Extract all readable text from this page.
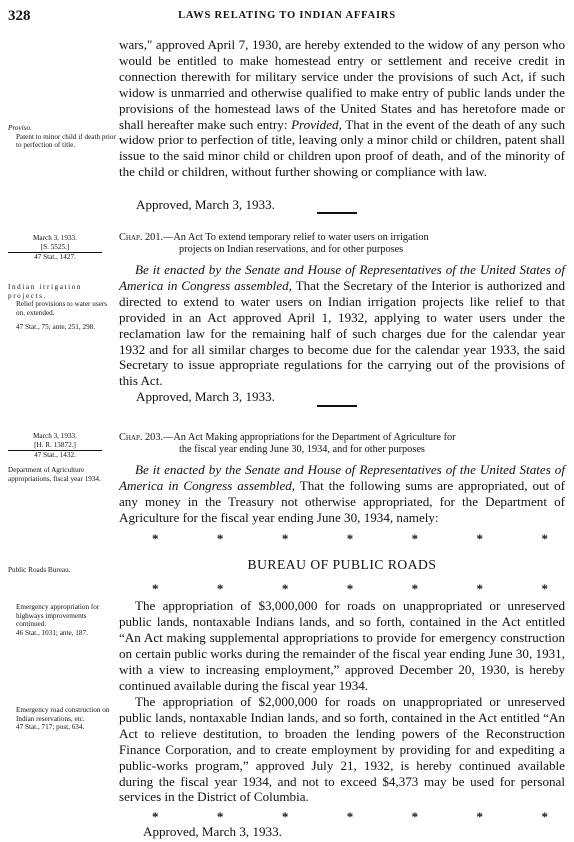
328	LAWS RELATING TO INDIAN AFFAIRS

wars," approved April 7, 1930, are hereby extended to the widow of any person who would be entitled to make homestead entry or settlement and receive credit in connection therewith for military service under the provisions of such Act, if such widow is unmarried and otherwise qualified to make entry of public lands under the provisions of the homestead laws of the United States and has heretofore made or shall hereafter make such entry: Provided, That in the event of the death of any such widow prior to perfection of title, leaving only a minor child or children, patent shall issue to the said minor child or children upon proof of death, and of the minority of the child or children, without further showing or compliance with law.

Proviso.
Patent to minor child if death prior to perfection of title.
Approved, March 3, 1933.
March 3, 1933.
[S. 5525.]
47 Stat., 1427.
Chap. 201.—An Act To extend temporary relief to water users on irrigation
projects on Indian reservations, and for other purposes

Be it enacted by the Senate and House of Representatives of the United States of America in Congress assembled, That the Secretary of the Interior is authorized and directed to extend to water users on Indian irrigation projects like relief to that provided in an Act approved April 1, 1932, applying to water users under the reclamation law for the remaining half of such charges due for the calendar year 1932 and for all similar charges to become due for the calendar year 1933, the said Secretary to issue appropriate regulations for the carrying out of the provisions of this Act.

Indian irrigation projects.
Relief provisions to water users on, extended.
47 Stat., 75; ante, 251, 298.
Approved, March 3, 1933.
March 3, 1933.
[H. R. 13872.]
47 Stat., 1432.
Chap. 203.—An Act Making appropriations for the Department of Agriculture for
the fiscal year ending June 30, 1934, and for other purposes
Department of Agriculture appropriations, fiscal year 1934.

Be it enacted by the Senate and House of Representatives of the United States of America in Congress assembled, That the following sums are appropriated, out of any money in the Treasury not otherwise appropriated, for the Department of Agriculture for the fiscal year ending June 30, 1934, namely:

*	*	*	*	*	*	*
BUREAU OF PUBLIC ROADS
Public Roads Bureau.
*	*	*	*	*	*	*

The appropriation of $3,000,000 for roads on unappropriated or unreserved public lands, nontaxable Indians lands, and so forth, contained in the Act entitled “An Act making supplemental appropriations to provide for emergency construction on certain public works during the remainder of the fiscal year ending June 30, 1931, with a view to increasing employment,” approved December 20, 1930, is hereby continued available during the fiscal year 1934.

Emergency appropriation for highways improvements continued.
46 Stat., 1031; ante, 187.

The appropriation of $2,000,000 for roads on unappropriated or unreserved public lands, nontaxable Indian lands, and so forth, contained in the Act entitled “An Act to relieve destitution, to broaden the lending powers of the Reconstruction Finance Corporation, and to create employment by providing for and expediting a public-works program,” approved July 21, 1932, is hereby continued available during the fiscal year 1934, and not to exceed $4,373 may be used for personal services in the District of Columbia.

Emergency road construction on Indian reservations, etc.
47 Stat., 717; post, 634.
*	*	*	*	*	*	*
Approved, March 3, 1933.
